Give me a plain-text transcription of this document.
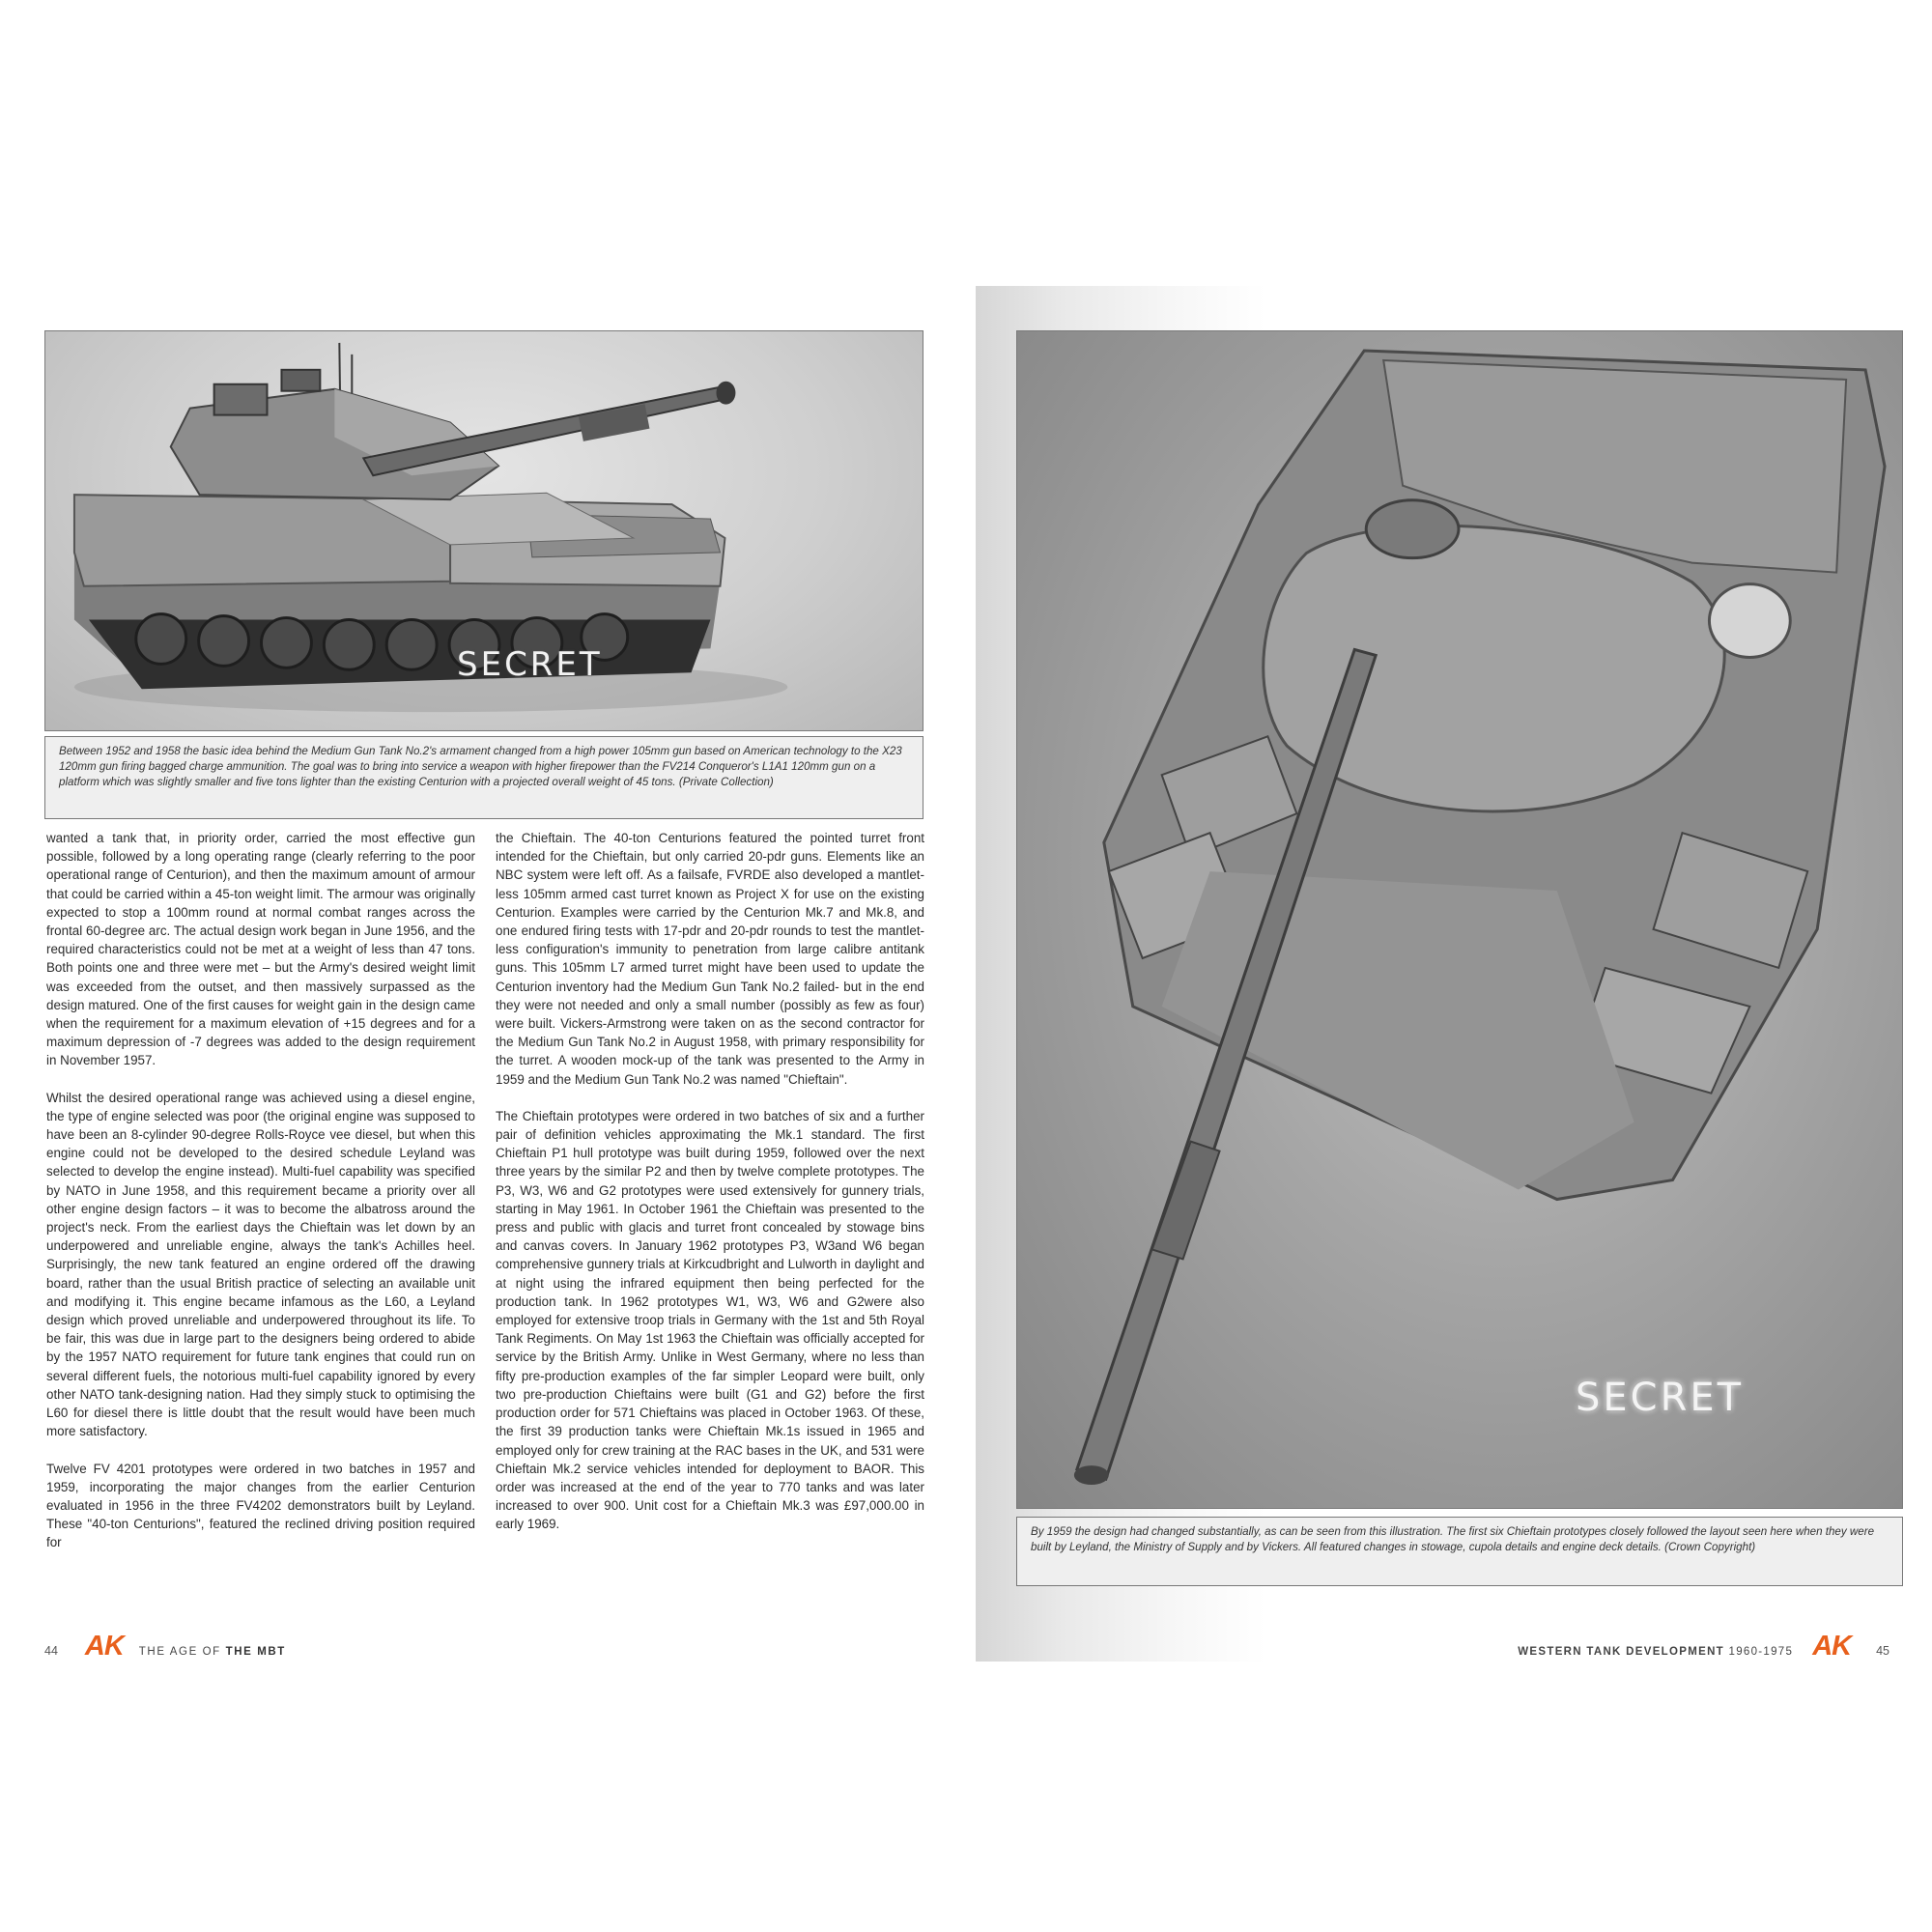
SECRET
Between 1952 and 1958 the basic idea behind the Medium Gun Tank No.2's armament changed from a high power 105mm gun based on American technology to the X23 120mm gun firing bagged charge ammunition. The goal was to bring into service a weapon with higher firepower than the FV214 Conqueror's L1A1 120mm gun on a platform which was slightly smaller and five tons lighter than the existing Centurion with a projected overall weight of 45 tons. (Private Collection)

wanted a tank that, in priority order, carried the most effective gun possible, followed by a long operating range (clearly referring to the poor operational range of Centurion), and then the maximum amount of armour that could be carried within a 45-ton weight limit. The armour was originally expected to stop a 100mm round at normal combat ranges across the frontal 60-degree arc. The actual design work began in June 1956, and the required characteristics could not be met at a weight of less than 47 tons. Both points one and three were met – but the Army's desired weight limit was exceeded from the outset, and then massively surpassed as the design matured. One of the first causes for weight gain in the design came when the requirement for a maximum elevation of +15 degrees and for a maximum depression of -7 degrees was added to the design requirement in November 1957.

Whilst the desired operational range was achieved using a diesel engine, the type of engine selected was poor (the original engine was supposed to have been an 8-cylinder 90-degree Rolls-Royce vee diesel, but when this engine could not be developed to the desired schedule Leyland was selected to develop the engine instead). Multi-fuel capability was specified by NATO in June 1958, and this requirement became a priority over all other engine design factors – it was to become the albatross around the project's neck. From the earliest days the Chieftain was let down by an underpowered and unreliable engine, always the tank's Achilles heel. Surprisingly, the new tank featured an engine ordered off the drawing board, rather than the usual British practice of selecting an available unit and modifying it. This engine became infamous as the L60, a Leyland design which proved unreliable and underpowered throughout its life. To be fair, this was due in large part to the designers being ordered to abide by the 1957 NATO requirement for future tank engines that could run on several different fuels, the notorious multi-fuel capability ignored by every other NATO tank-designing nation. Had they simply stuck to optimising the L60 for diesel there is little doubt that the result would have been much more satisfactory.

Twelve FV 4201 prototypes were ordered in two batches in 1957 and 1959, incorporating the major changes from the earlier Centurion evaluated in 1956 in the three FV4202 demonstrators built by Leyland. These "40-ton Centurions", featured the reclined driving position required for

the Chieftain. The 40-ton Centurions featured the pointed turret front intended for the Chieftain, but only carried 20-pdr guns. Elements like an NBC system were left off. As a failsafe, FVRDE also developed a mantlet-less 105mm armed cast turret known as Project X for use on the existing Centurion. Examples were carried by the Centurion Mk.7 and Mk.8, and one endured firing tests with 17-pdr and 20-pdr rounds to test the mantlet- less configuration's immunity to penetration from large calibre antitank guns. This 105mm L7 armed turret might have been used to update the Centurion inventory had the Medium Gun Tank No.2 failed- but in the end they were not needed and only a small number (possibly as few as four) were built. Vickers-Armstrong were taken on as the second contractor for the Medium Gun Tank No.2 in August 1958, with primary responsibility for the turret. A wooden mock-up of the tank was presented to the Army in 1959 and the Medium Gun Tank No.2 was named "Chieftain".

The Chieftain prototypes were ordered in two batches of six and a further pair of definition vehicles approximating the Mk.1 standard. The first Chieftain P1 hull prototype was built during 1959, followed over the next three years by the similar P2 and then by twelve complete prototypes. The P3, W3, W6 and G2 prototypes were used extensively for gunnery trials, starting in May 1961. In October 1961 the Chieftain was presented to the press and public with glacis and turret front concealed by stowage bins and canvas covers. In January 1962 prototypes P3, W3and W6 began comprehensive gunnery trials at Kirkcudbright and Lulworth in daylight and at night using the infrared equipment then being perfected for the production tank. In 1962 prototypes W1, W3, W6 and G2were also employed for extensive troop trials in Germany with the 1st and 5th Royal Tank Regiments. On May 1st 1963 the Chieftain was officially accepted for service by the British Army. Unlike in West Germany, where no less than fifty pre-production examples of the far simpler Leopard were built, only two pre-production Chieftains were built (G1 and G2) before the first production order for 571 Chieftains was placed in October 1963. Of these, the first 39 production tanks were Chieftain Mk.1s issued in 1965 and employed only for crew training at the RAC bases in the UK, and 531 were Chieftain Mk.2 service vehicles intended for deployment to BAOR. This order was increased at the end of the year to 770 tanks and was later increased to over 900. Unit cost for a Chieftain Mk.3 was £97,000.00 in early 1969.

44 AK THE AGE OF THE MBT
SECRET
By 1959 the design had changed substantially, as can be seen from this illustration. The first six Chieftain prototypes closely followed the layout seen here when they were built by Leyland, the Ministry of Supply and by Vickers. All featured changes in stowage, cupola details and engine deck details. (Crown Copyright)
WESTERN TANK DEVELOPMENT 1960-1975 AK 45
